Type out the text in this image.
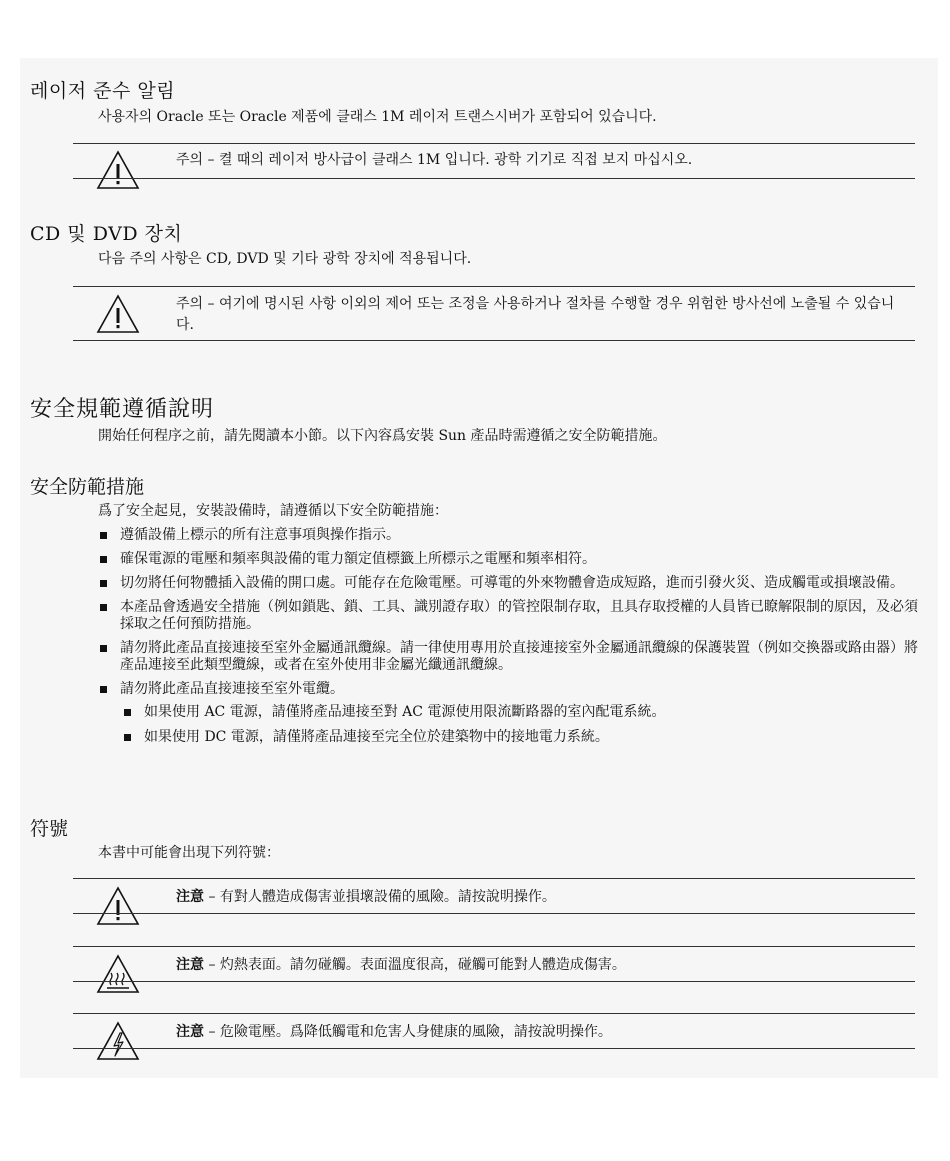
레이저 준수 알림

사용자의 Oracle 또는 Oracle 제품에 클래스 1M 레이저 트랜스시버가 포함되어 있습니다.

주의 – 켤 때의 레이저 방사급이 클래스 1M 입니다. 광학 기기로 직접 보지 마십시오.
CD 및 DVD 장치

다음 주의 사항은 CD, DVD 및 기타 광학 장치에 적용됩니다.

주의 – 여기에 명시된 사항 이외의 제어 또는 조정을 사용하거나 절차를 수행할 경우 위험한 방사선에 노출될 수 있습니다.
安全規範遵循說明

開始任何程序之前，請先閱讀本小節。以下內容爲安裝 Sun 產品時需遵循之安全防範措施。

安全防範措施

爲了安全起見，安裝設備時，請遵循以下安全防範措施：

遵循設備上標示的所有注意事項與操作指示。
確保電源的電壓和頻率與設備的電力額定值標籤上所標示之電壓和頻率相符。
切勿將任何物體插入設備的開口處。可能存在危險電壓。可導電的外來物體會造成短路，進而引發火災、造成觸電或損壞設備。
本產品會透過安全措施（例如鎖匙、鎖、工具、識別證存取）的管控限制存取，且具存取授權的人員皆已瞭解限制的原因，及必須採取之任何預防措施。
請勿將此產品直接連接至室外金屬通訊纜線。請一律使用專用於直接連接室外金屬通訊纜線的保護裝置（例如交換器或路由器）將產品連接至此類型纜線，或者在室外使用非金屬光纖通訊纜線。
請勿將此產品直接連接至室外電纜。
如果使用 AC 電源，請僅將產品連接至對 AC 電源使用限流斷路器的室內配電系統。
如果使用 DC 電源，請僅將產品連接至完全位於建築物中的接地電力系統。
符號

本書中可能會出現下列符號：

注意 – 有對人體造成傷害並損壞設備的風險。請按說明操作。
注意 – 灼熱表面。請勿碰觸。表面溫度很高，碰觸可能對人體造成傷害。
注意 – 危險電壓。爲降低觸電和危害人身健康的風險，請按說明操作。
